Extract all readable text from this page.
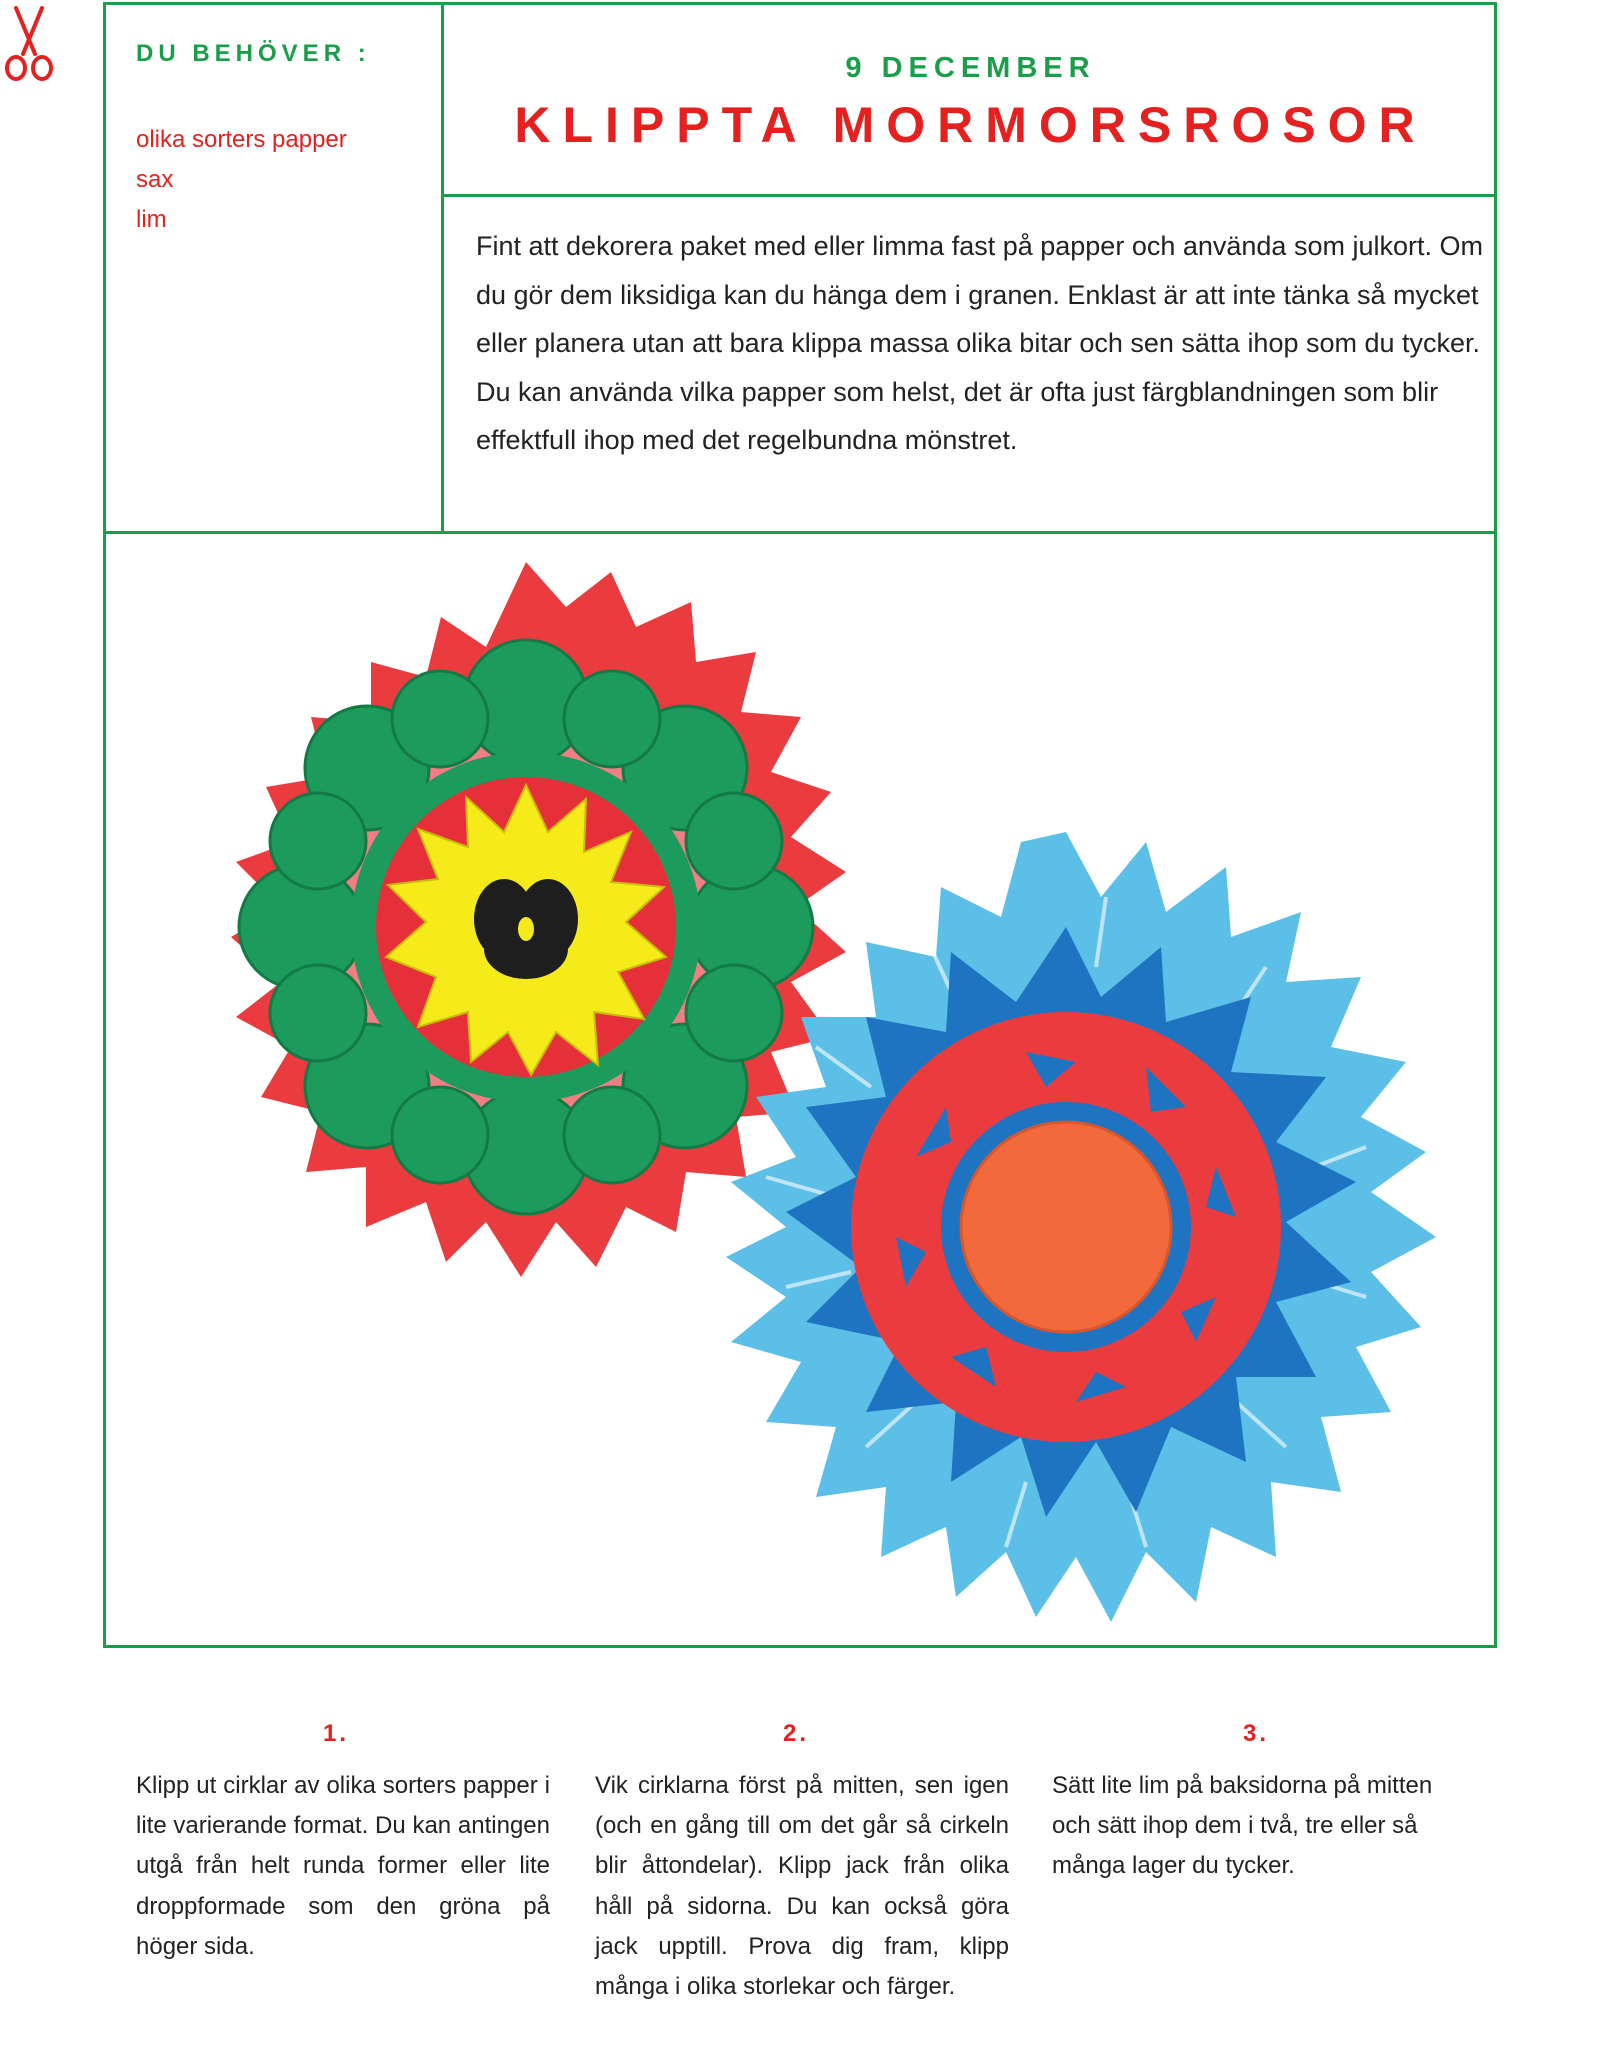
DU BEHÖVER :
olika sorters papper
sax
lim
9 DECEMBER
KLIPPTA MORMORSROSOR

Fint att dekorera paket med eller limma fast på papper och använda som julkort. Om du gör dem liksidiga kan du hänga dem i granen. Enklast är att inte tänka så mycket eller planera utan att bara klippa massa olika bitar och sen sätta ihop som du tycker. Du kan använda vilka papper som helst, det är ofta just färgblandningen som blir effektfull ihop med det regelbundna mönstret.

1.

Klipp ut cirklar av olika sorters papper i lite varierande format. Du kan antingen utgå från helt runda former eller lite droppformade som den gröna på höger sida.

2.

Vik cirklarna först på mitten, sen igen (och en gång till om det går så cirkeln blir åttondelar). Klipp jack från olika håll på sidorna. Du kan också göra jack upptill. Prova dig fram, klipp många i olika storlekar och färger.

3.

Sätt lite lim på baksidorna på mitten och sätt ihop dem i två, tre eller så många lager du tycker.
